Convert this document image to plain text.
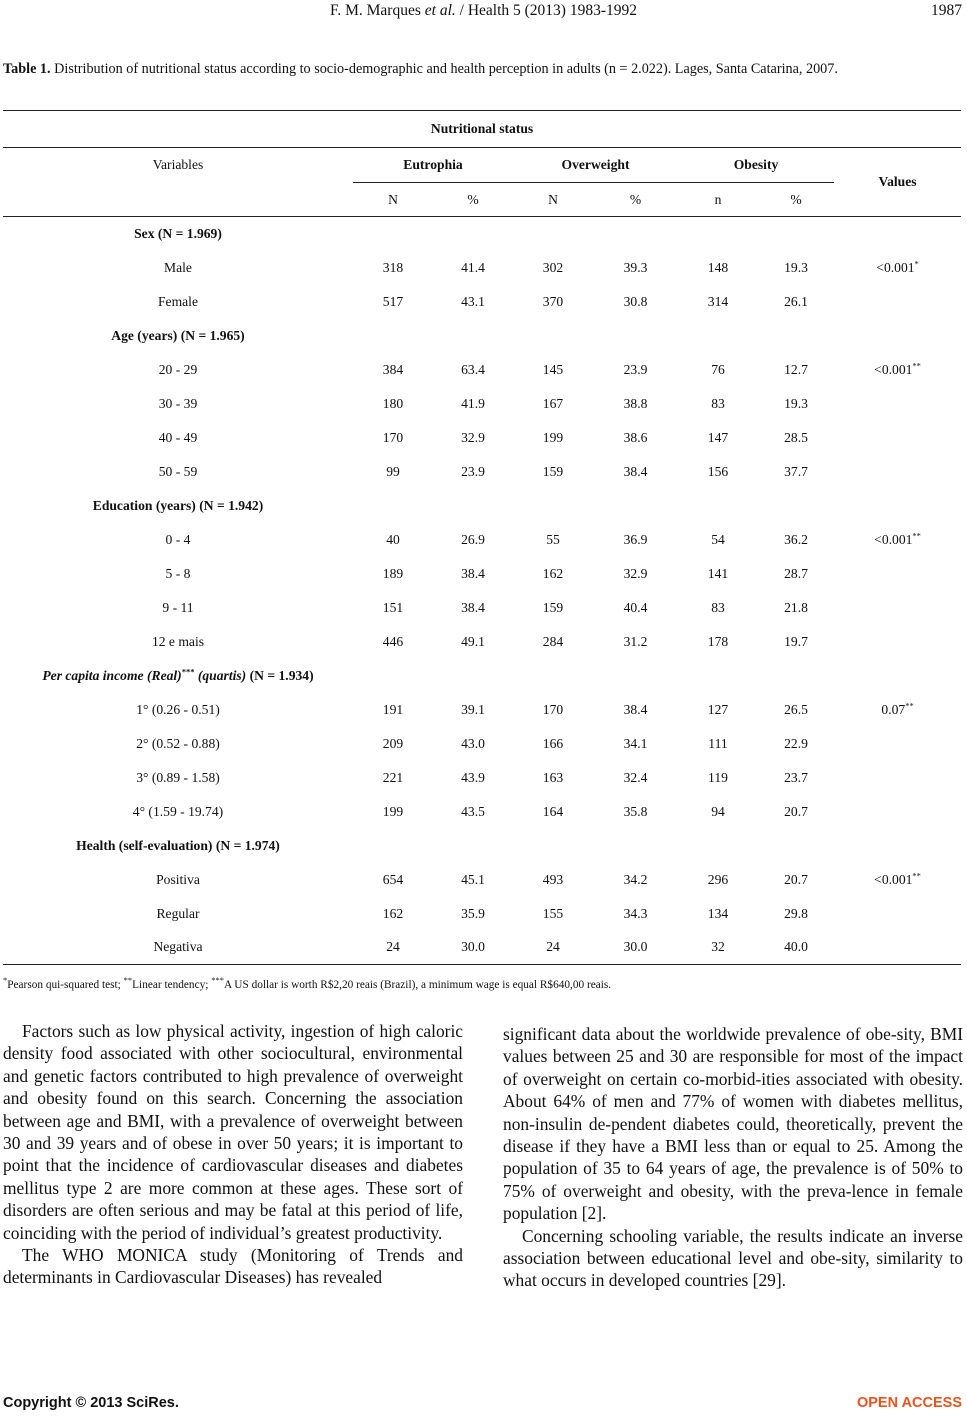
F. M. Marques et al. / Health 5 (2013) 1983-1992	1987
Table 1. Distribution of nutritional status according to socio-demographic and health perception in adults (n = 2.022). Lages, Santa Catarina, 2007.
Nutritional status							
Variables	Eutrophia		Overweight		Obesity		Values
	N	%	N	%	n	%	
Sex (N = 1.969)							
Male	318	41.4	302	39.3	148	19.3	<0.001*
Female	517	43.1	370	30.8	314	26.1	
Age (years) (N = 1.965)							
20 - 29	384	63.4	145	23.9	76	12.7	<0.001**
30 - 39	180	41.9	167	38.8	83	19.3	
40 - 49	170	32.9	199	38.6	147	28.5	
50 - 59	99	23.9	159	38.4	156	37.7	
Education (years) (N = 1.942)							
0 - 4	40	26.9	55	36.9	54	36.2	<0.001**
5 - 8	189	38.4	162	32.9	141	28.7	
9 - 11	151	38.4	159	40.4	83	21.8	
12 e mais	446	49.1	284	31.2	178	19.7	
Per capita income (Real)*** (quartis) (N = 1.934)							
1° (0.26 - 0.51)	191	39.1	170	38.4	127	26.5	0.07**
2° (0.52 - 0.88)	209	43.0	166	34.1	111	22.9	
3° (0.89 - 1.58)	221	43.9	163	32.4	119	23.7	
4° (1.59 - 19.74)	199	43.5	164	35.8	94	20.7	
Health (self-evaluation) (N = 1.974)							
Positiva	654	45.1	493	34.2	296	20.7	<0.001**
Regular	162	35.9	155	34.3	134	29.8	
Negativa	24	30.0	24	30.0	32	40.0	
*Pearson qui-squared test; **Linear tendency; ***A US dollar is worth R$2,20 reais (Brazil), a minimum wage is equal R$640,00 reais.

Factors such as low physical activity, ingestion of high caloric density food associated with other sociocultural, environmental and genetic factors contributed to high prevalence of overweight and obesity found on this search. Concerning the association between age and BMI, with a prevalence of overweight between 30 and 39 years and of obese in over 50 years; it is important to point that the incidence of cardiovascular diseases and diabetes mellitus type 2 are more common at these ages. These sort of disorders are often serious and may be fatal at this period of life, coinciding with the period of individual’s greatest productivity.

The WHO MONICA study (Monitoring of Trends and determinants in Cardiovascular Diseases) has revealed

significant data about the worldwide prevalence of obe-sity, BMI values between 25 and 30 are responsible for most of the impact of overweight on certain co-morbid-ities associated with obesity. About 64% of men and 77% of women with diabetes mellitus, non-insulin de-pendent diabetes could, theoretically, prevent the disease if they have a BMI less than or equal to 25. Among the population of 35 to 64 years of age, the prevalence is of 50% to 75% of overweight and obesity, with the preva-lence in female population [2].

Concerning schooling variable, the results indicate an inverse association between educational level and obe-sity, similarity to what occurs in developed countries [29].

Copyright © 2013 SciRes.	OPEN ACCESS
